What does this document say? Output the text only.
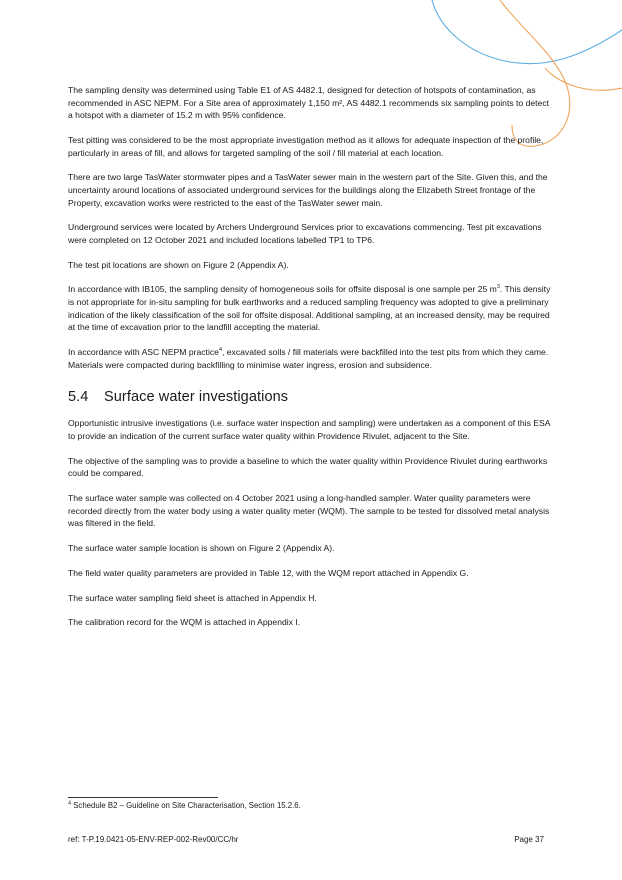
The sampling density was determined using Table E1 of AS 4482.1, designed for detection of hotspots of contamination, as recommended in ASC NEPM. For a Site area of approximately 1,150 m², AS 4482.1 recommends six sampling points to detect a hotspot with a diameter of 15.2 m with 95% confidence.

Test pitting was considered to be the most appropriate investigation method as it allows for adequate inspection of the profile, particularly in areas of fill, and allows for targeted sampling of the soil / fill material at each location.

There are two large TasWater stormwater pipes and a TasWater sewer main in the western part of the Site. Given this, and the uncertainty around locations of associated underground services for the buildings along the Elizabeth Street frontage of the Property, excavation works were restricted to the east of the TasWater sewer main.

Underground services were located by Archers Underground Services prior to excavations commencing. Test pit excavations were completed on 12 October 2021 and included locations labelled TP1 to TP6.

The test pit locations are shown on Figure 2 (Appendix A).

In accordance with IB105, the sampling density of homogeneous soils for offsite disposal is one sample per 25 $m^3$. This density is not appropriate for in-situ sampling for bulk earthworks and a reduced sampling frequency was adopted to give a preliminary indication of the likely classification of the soil for offsite disposal. Additional sampling, at an increased density, may be required at the time of excavation prior to the landfill accepting the material.

In accordance with ASC NEPM practice$^4$, excavated soils / fill materials were backfilled into the test pits from which they came. Materials were compacted during backfilling to minimise water ingress, erosion and subsidence.

5.4 Surface water investigations

Opportunistic intrusive investigations (i.e. surface water inspection and sampling) were undertaken as a component of this ESA to provide an indication of the current surface water quality within Providence Rivulet, adjacent to the Site.

The objective of the sampling was to provide a baseline to which the water quality within Providence Rivulet during earthworks could be compared.

The surface water sample was collected on 4 October 2021 using a long-handled sampler. Water quality parameters were recorded directly from the water body using a water quality meter (WQM). The sample to be tested for dissolved metal analysis was filtered in the field.

The surface water sample location is shown on Figure 2 (Appendix A).

The field water quality parameters are provided in Table 12, with the WQM report attached in Appendix G.

The surface water sampling field sheet is attached in Appendix H.

The calibration record for the WQM is attached in Appendix I.

$^4$ Schedule B2 – Guideline on Site Characterisation, Section 15.2.6.
ref: T-P.19.0421-05-ENV-REP-002-Rev00/CC/hr	Page 37
